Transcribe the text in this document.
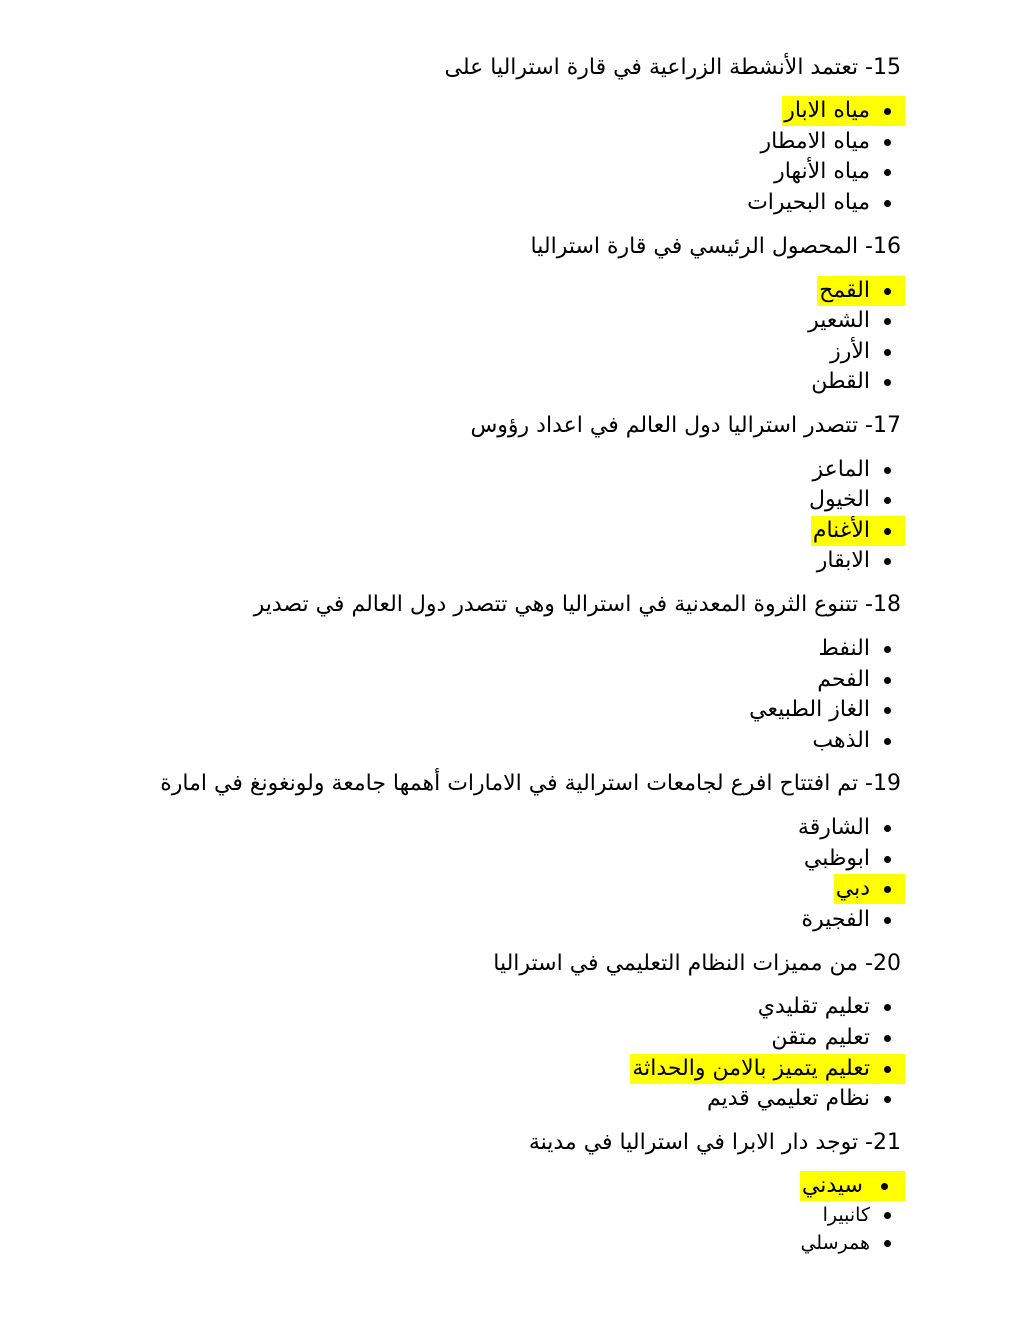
15- تعتمد الأنشطة الزراعية في قارة استراليا على
مياه الابار
مياه الامطار
مياه الأنهار
مياه البحيرات
16- المحصول الرئيسي في قارة استراليا
القمح
الشعير
الأرز
القطن
17- تتصدر استراليا دول العالم في اعداد رؤوس
الماعز
الخيول
الأغنام
الابقار
18- تتنوع الثروة المعدنية في استراليا وهي تتصدر دول العالم في تصدير
النفط
الفحم
الغاز الطبيعي
الذهب
19- تم افتتاح افرع لجامعات استرالية في الامارات أهمها جامعة ولونغونغ في امارة
الشارقة
ابوظبي
دبي
الفجيرة
20- من مميزات النظام التعليمي في استراليا
تعليم تقليدي
تعليم متقن
تعليم يتميز بالامن والحداثة
نظام تعليمي قديم
21- توجد دار الابرا في استراليا في مدينة
سيدني
كانبيرا
همرسلي
